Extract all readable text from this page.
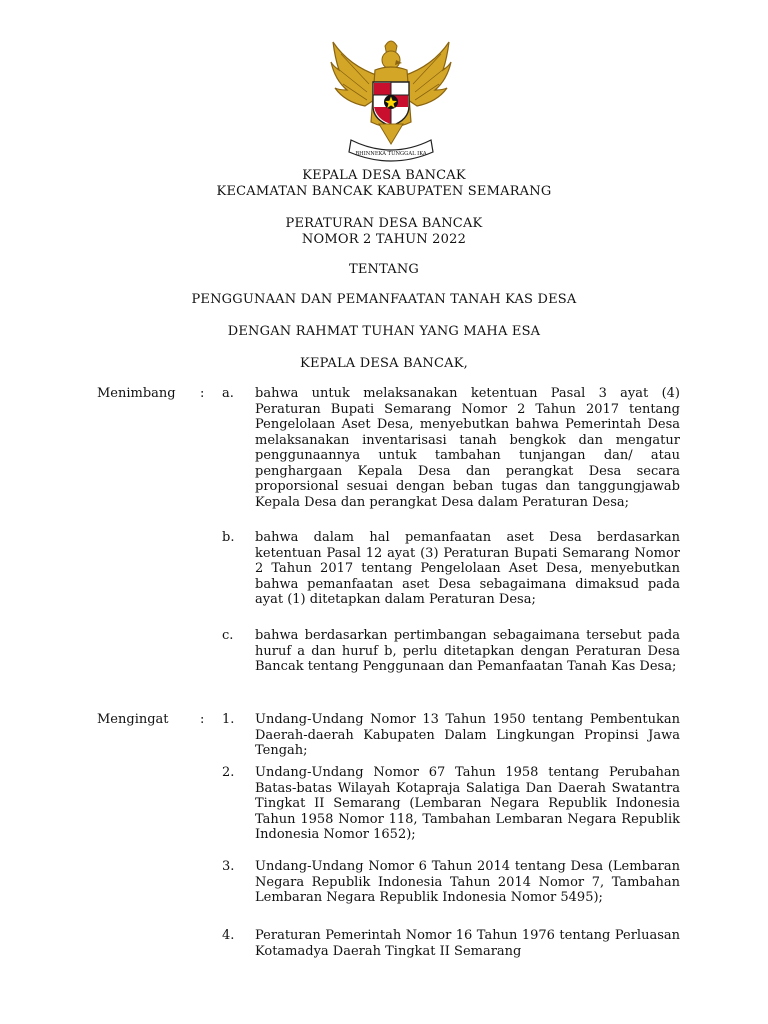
BHINNEKA TUNGGAL IKA
KEPALA DESA BANCAK
KECAMATAN BANCAK KABUPATEN SEMARANG
PERATURAN DESA BANCAK
NOMOR 2 TAHUN 2022
TENTANG
PENGGUNAAN DAN PEMANFAATAN TANAH KAS DESA
DENGAN RAHMAT TUHAN YANG MAHA ESA
KEPALA DESA BANCAK,
Menimbang : a. bahwa untuk melaksanakan ketentuan Pasal 3 ayat (4) Peraturan Bupati Semarang Nomor 2 Tahun 2017 tentang Pengelolaan Aset Desa, menyebutkan bahwa Pemerintah Desa melaksanakan inventarisasi tanah bengkok dan mengatur penggunaannya untuk tambahan tunjangan dan/ atau penghargaan Kepala Desa dan perangkat Desa secara proporsional sesuai dengan beban tugas dan tanggungjawab Kepala Desa dan perangkat Desa dalam Peraturan Desa;
b. bahwa dalam hal pemanfaatan aset Desa berdasarkan ketentuan Pasal 12 ayat (3) Peraturan Bupati Semarang Nomor 2 Tahun 2017 tentang Pengelolaan Aset Desa, menyebutkan bahwa pemanfaatan aset Desa sebagaimana dimaksud pada ayat (1) ditetapkan dalam Peraturan Desa;
c. bahwa berdasarkan pertimbangan sebagaimana tersebut pada huruf a dan huruf b, perlu ditetapkan dengan Peraturan Desa Bancak tentang Penggunaan dan Pemanfaatan Tanah Kas Desa;
Mengingat : 1. Undang-Undang Nomor 13 Tahun 1950 tentang Pembentukan Daerah-daerah Kabupaten Dalam Lingkungan Propinsi Jawa Tengah;
2. Undang-Undang Nomor 67 Tahun 1958 tentang Perubahan Batas-batas Wilayah Kotapraja Salatiga Dan Daerah Swatantra Tingkat II Semarang (Lembaran Negara Republik Indonesia Tahun 1958 Nomor 118, Tambahan Lembaran Negara Republik Indonesia Nomor 1652);
3. Undang-Undang Nomor 6 Tahun 2014 tentang Desa (Lembaran Negara Republik Indonesia Tahun 2014 Nomor 7, Tambahan Lembaran Negara Republik Indonesia Nomor 5495);
4. Peraturan Pemerintah Nomor 16 Tahun 1976 tentang Perluasan Kotamadya Daerah Tingkat II Semarang
